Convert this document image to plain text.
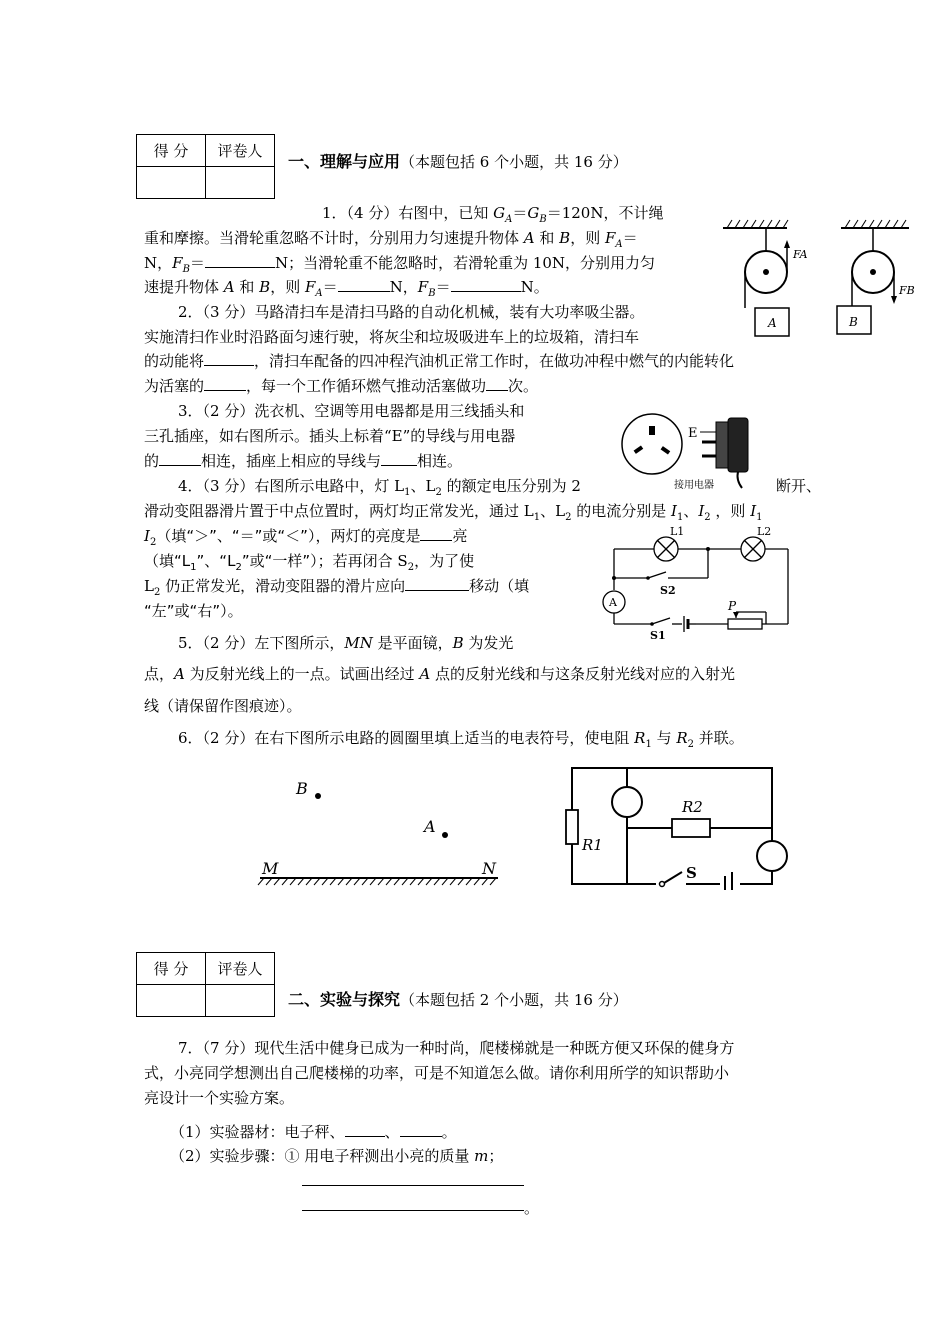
得 分	评卷人

一、理解与应用（本题包括 6 个小题，共 16 分）
1．（4 分）右图中，已知 $G_A=G_B=120N$，不计绳
重和摩擦。当滑轮重忽略不计时，分别用力匀速提升物体 A 和 B，则 $F_A=$
N，$F_B=$	N；当滑轮重不能忽略时，若滑轮重为 10N，分别用力匀
速提升物体 A 和 B，则 $F_A=$	N，$F_B=$	N。
FA
A
FB
B
2．（3 分）马路清扫车是清扫马路的自动化机械，装有大功率吸尘器。
实施清扫作业时沿路面匀速行驶，将灰尘和垃圾吸进车上的垃圾箱，清扫车
的动能将	，清扫车配备的四冲程汽油机正常工作时，在做功冲程中燃气的内能转化
为活塞的	，每一个工作循环燃气推动活塞做功 次。
3．（2 分）洗衣机、空调等用电器都是用三线插头和
三孔插座，如右图所示。插头上标着“E”的导线与用电器
的	相连，插座上相应的导线与 相连。
E
接用电器
4．（3 分）右图所示电路中，灯 $L_1$、$L_2$ 的额定电压分别为 2	断开、
滑动变阻器滑片置于中点位置时，两灯均正常发光，通过 $L_1$、$L_2$ 的电流分别是 $I_1$、$I_2$ ，则 $I_1$
$I_2$（填“＞”、“＝”或“＜”），两灯的亮度是 亮
（填“$L_1$”、“$L_2$”或“一样”）；若再闭合 $S_2$，为了使
$L_2$ 仍正常发光，滑动变阻器的滑片应向	移动（填
“左”或“右”）。	A
L1	L2
S2
S1
P
5．（2 分）左下图所示，MN 是平面镜，B 为发光
点，A 为反射光线上的一点。试画出经过 A 点的反射光线和与这条反射光线对应的入射光
线（请保留作图痕迹）。
6．（2 分）在右下图所示电路的圆圈里填上适当的电表符号，使电阻 $R_1$ 与 $R_2$ 并联。
B
A
M	N
R1
R2
S
得 分	评卷人

二、实验与探究（本题包括 2 个小题，共 16 分）
7．（7 分）现代生活中健身已成为一种时尚，爬楼梯就是一种既方便又环保的健身方
式，小亮同学想测出自己爬楼梯的功率，可是不知道怎么做。请你利用所学的知识帮助小
亮设计一个实验方案。
（1）实验器材：电子秤、	、	。
（2）实验步骤：① 用电子秤测出小亮的质量 m；
。
